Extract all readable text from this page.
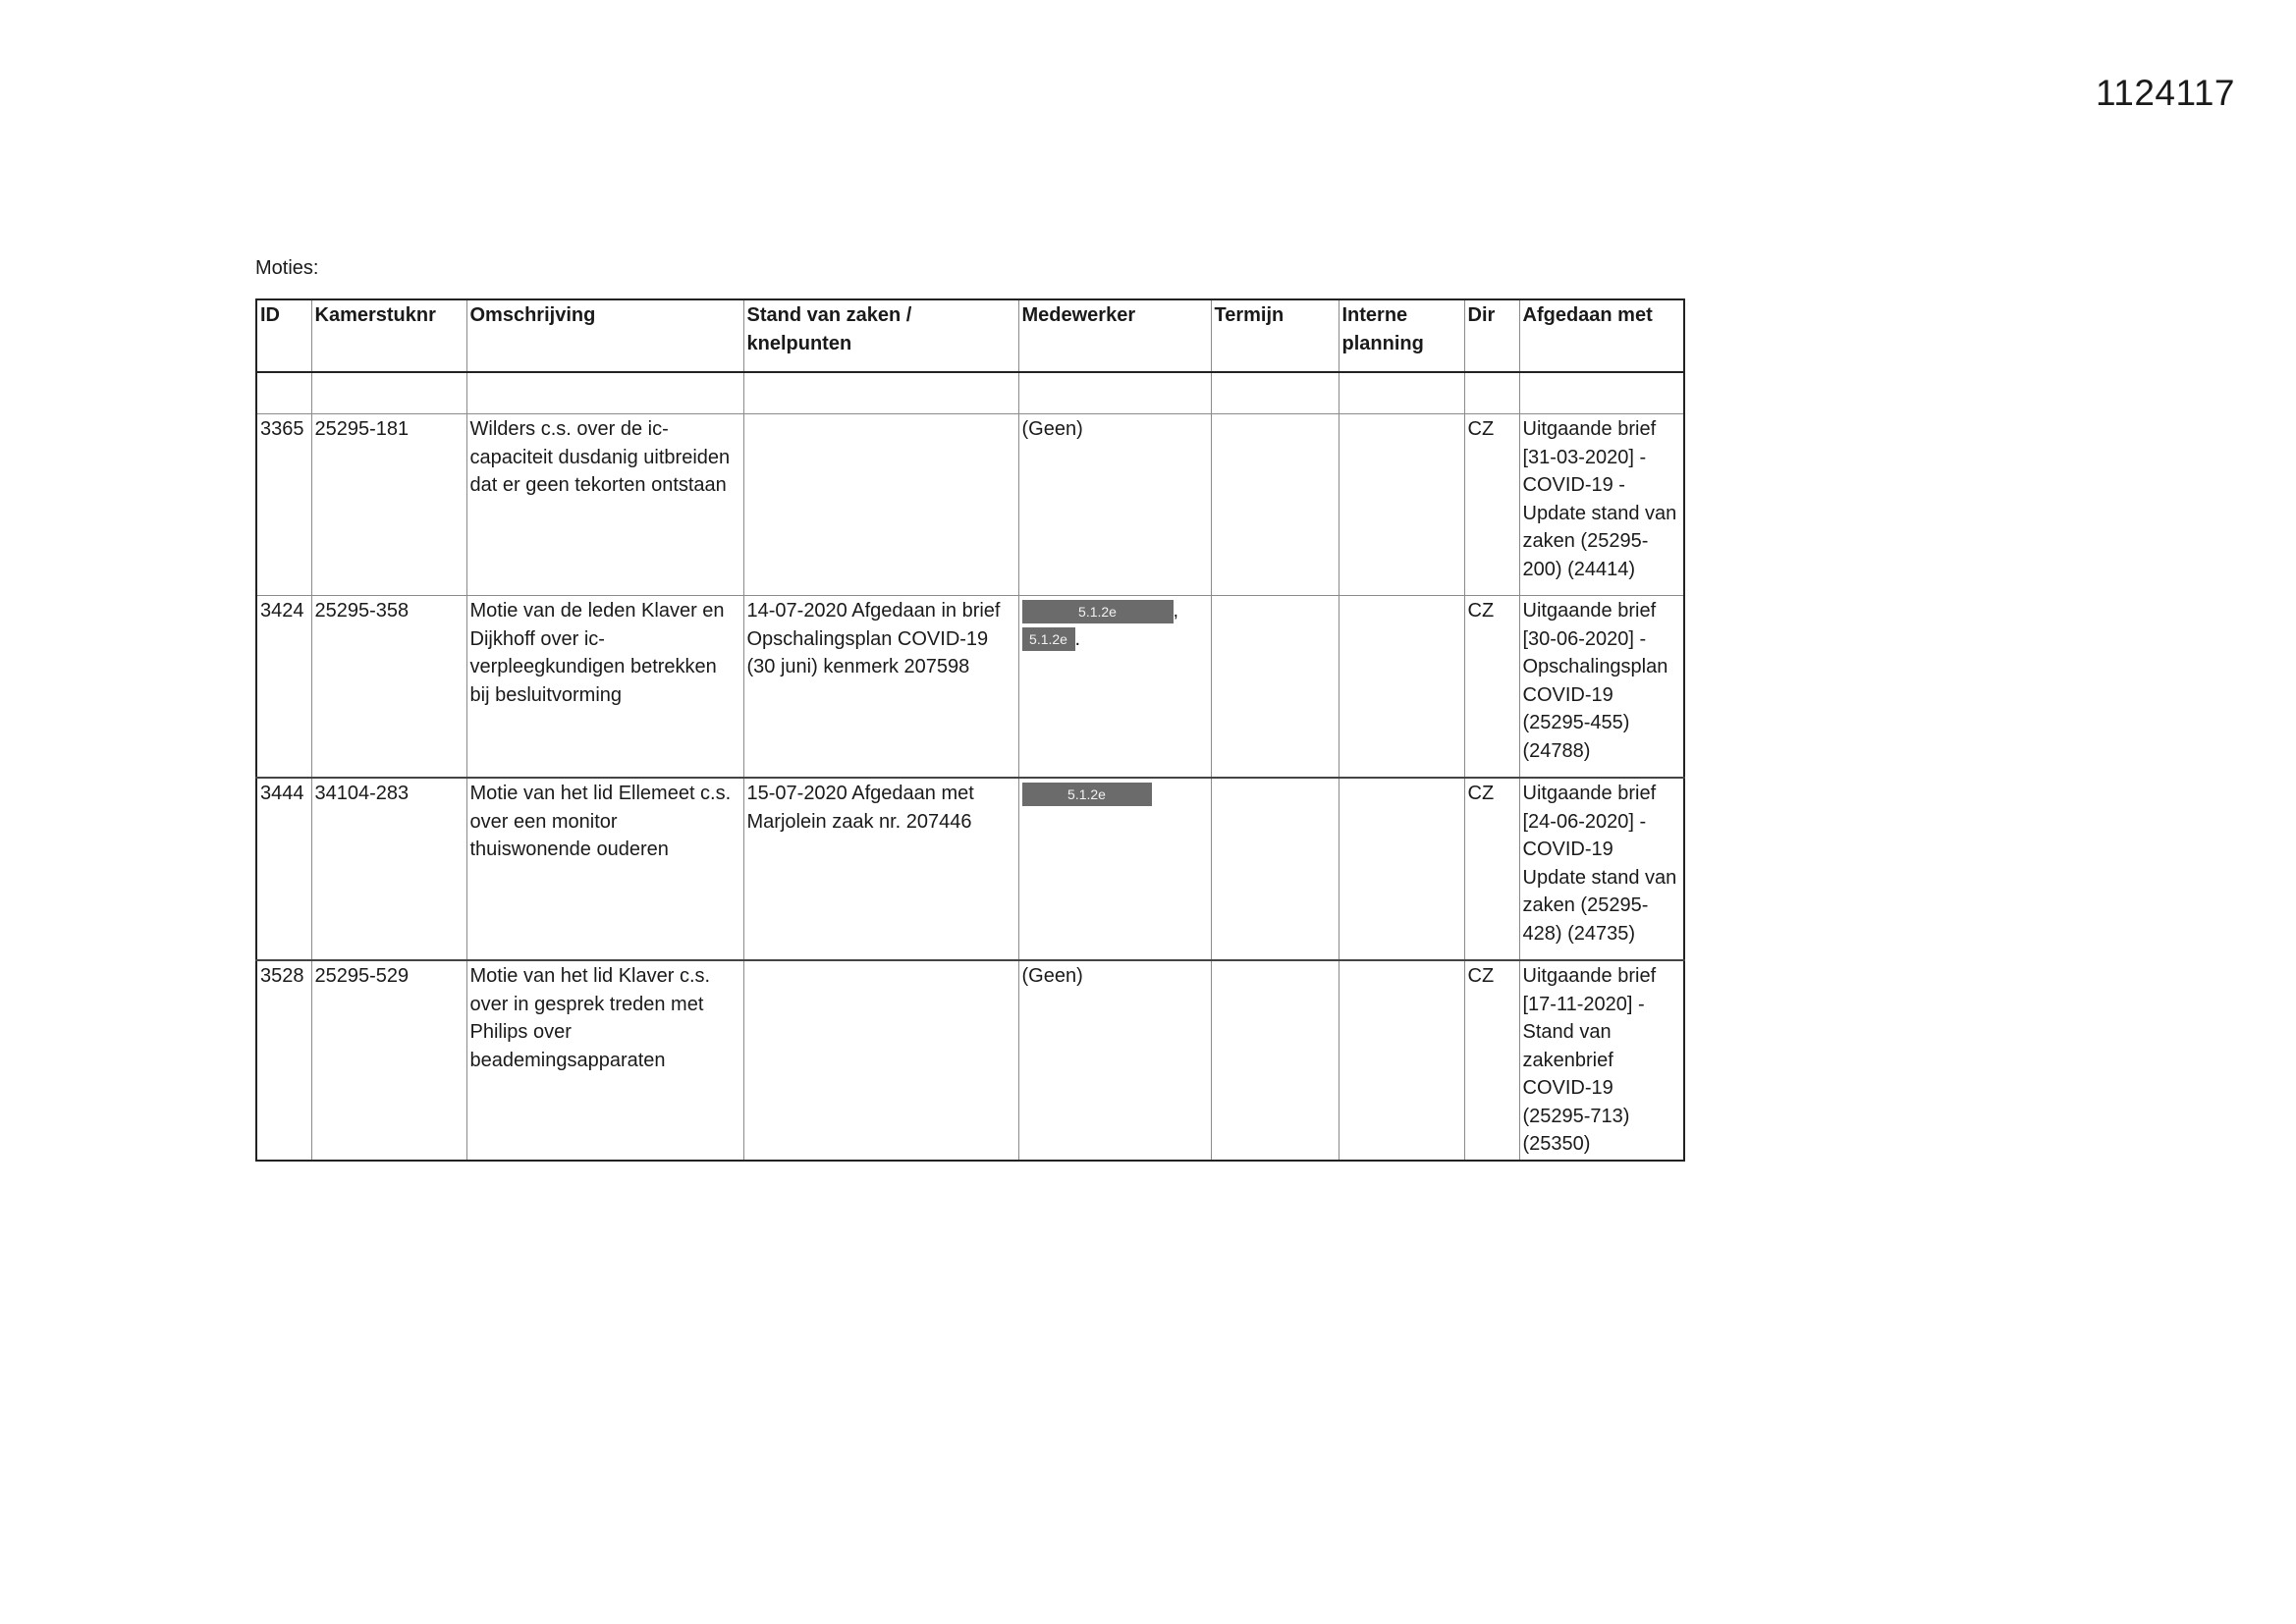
1124117
Moties:
ID	Kamerstuknr	Omschrijving	Stand van zaken / knelpunten	Medewerker	Termijn	Interne planning	Dir	Afgedaan met

3365	25295-181	Wilders c.s. over de ic-capaciteit dusdanig uitbreiden dat er geen tekorten ontstaan		(Geen)			CZ	Uitgaande brief [31-03-2020] - COVID-19 - Update stand van zaken (25295-200) (24414)
3424	25295-358	Motie van de leden Klaver en Dijkhoff over ic-verpleegkundigen betrekken bij besluitvorming	14-07-2020 Afgedaan in brief Opschalingsplan COVID-19 (30 juni) kenmerk 207598	5.1.2e ,
5.1.2e .			CZ	Uitgaande brief [30-06-2020] - Opschalingsplan COVID-19 (25295-455) (24788)
3444	34104-283	Motie van het lid Ellemeet c.s. over een monitor thuiswonende ouderen	15-07-2020 Afgedaan met Marjolein zaak nr. 207446	5.1.2e			CZ	Uitgaande brief [24-06-2020] - COVID-19 Update stand van zaken (25295-428) (24735)
3528	25295-529	Motie van het lid Klaver c.s. over in gesprek treden met Philips over beademingsapparaten		(Geen)			CZ	Uitgaande brief [17-11-2020] - Stand van zakenbrief COVID-19 (25295-713) (25350)
